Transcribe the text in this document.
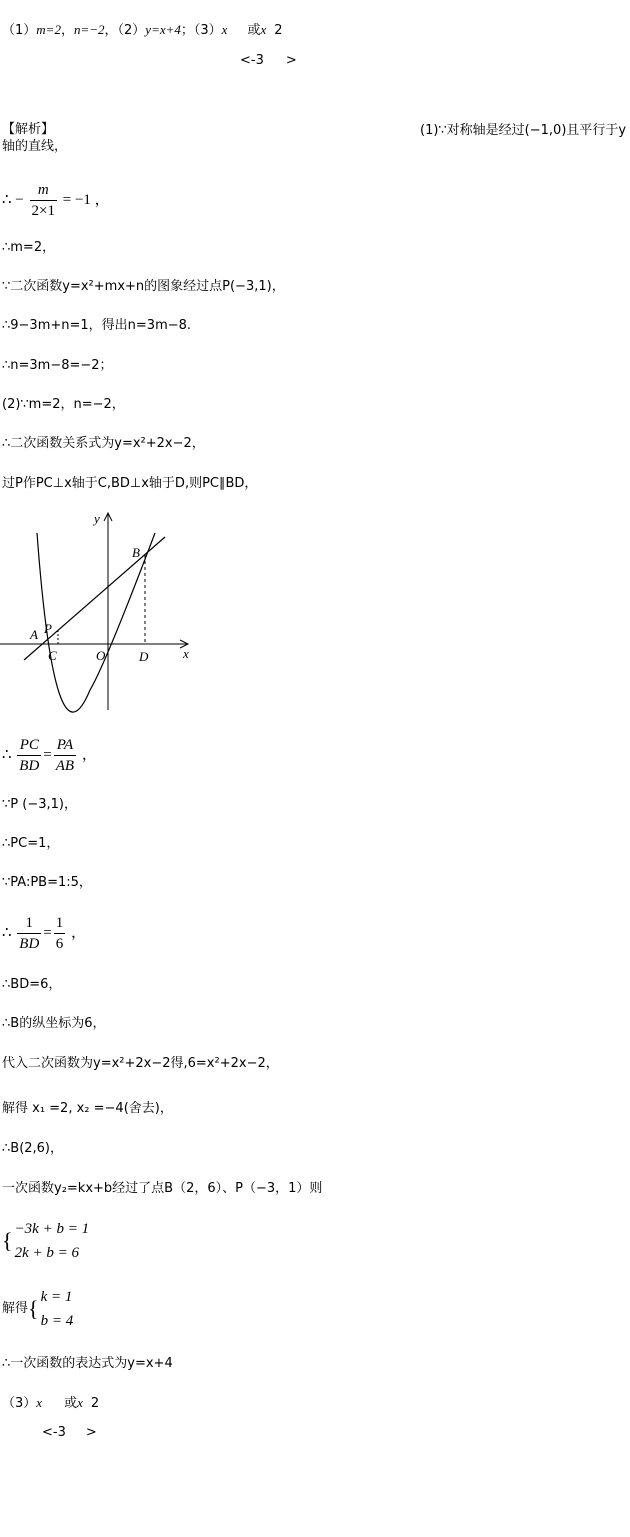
（1）m=2，n=−2，（2）y=x+4；（3）x 或x 2
<-3 >
【解析】	(1)∵对称轴是经过(−1,0)且平行于y
轴的直线，
∴ − $\frac{m}{2\times 1} = -1$ ，
∴m=2，
∵二次函数y=x²+mx+n的图象经过点P(−3,1)，
∴9−3m+n=1，得出n=3m−8.
∴n=3m−8=−2；
(2)∵m=2，n=−2，
∴二次函数关系式为y=x²+2x−2，
过P作PC⊥x轴于C,BD⊥x轴于D,则PC∥BD，
y
x
B
A P
C	O	D
∴ $\frac{PC}{BD} = \frac{PA}{AB}$ ，
∵P (−3,1)，
∴PC=1，
∵PA:PB=1:5，
∴ $\frac{1}{BD} = \frac{1}{6}$ ，
∴BD=6，
∴B的纵坐标为6，
代入二次函数为y=x²+2x−2得,6=x²+2x−2，
解得 x₁ =2, x₂ =−4(舍去)，
∴B(2,6)，
一次函数y₂=kx+b经过了点B（2，6）、P（−3，1）则
{ −3k + b = 1
2k + b = 6
解得 { k = 1
b = 4
∴一次函数的表达式为y=x+4
（3）x 或x 2
<-3 >
